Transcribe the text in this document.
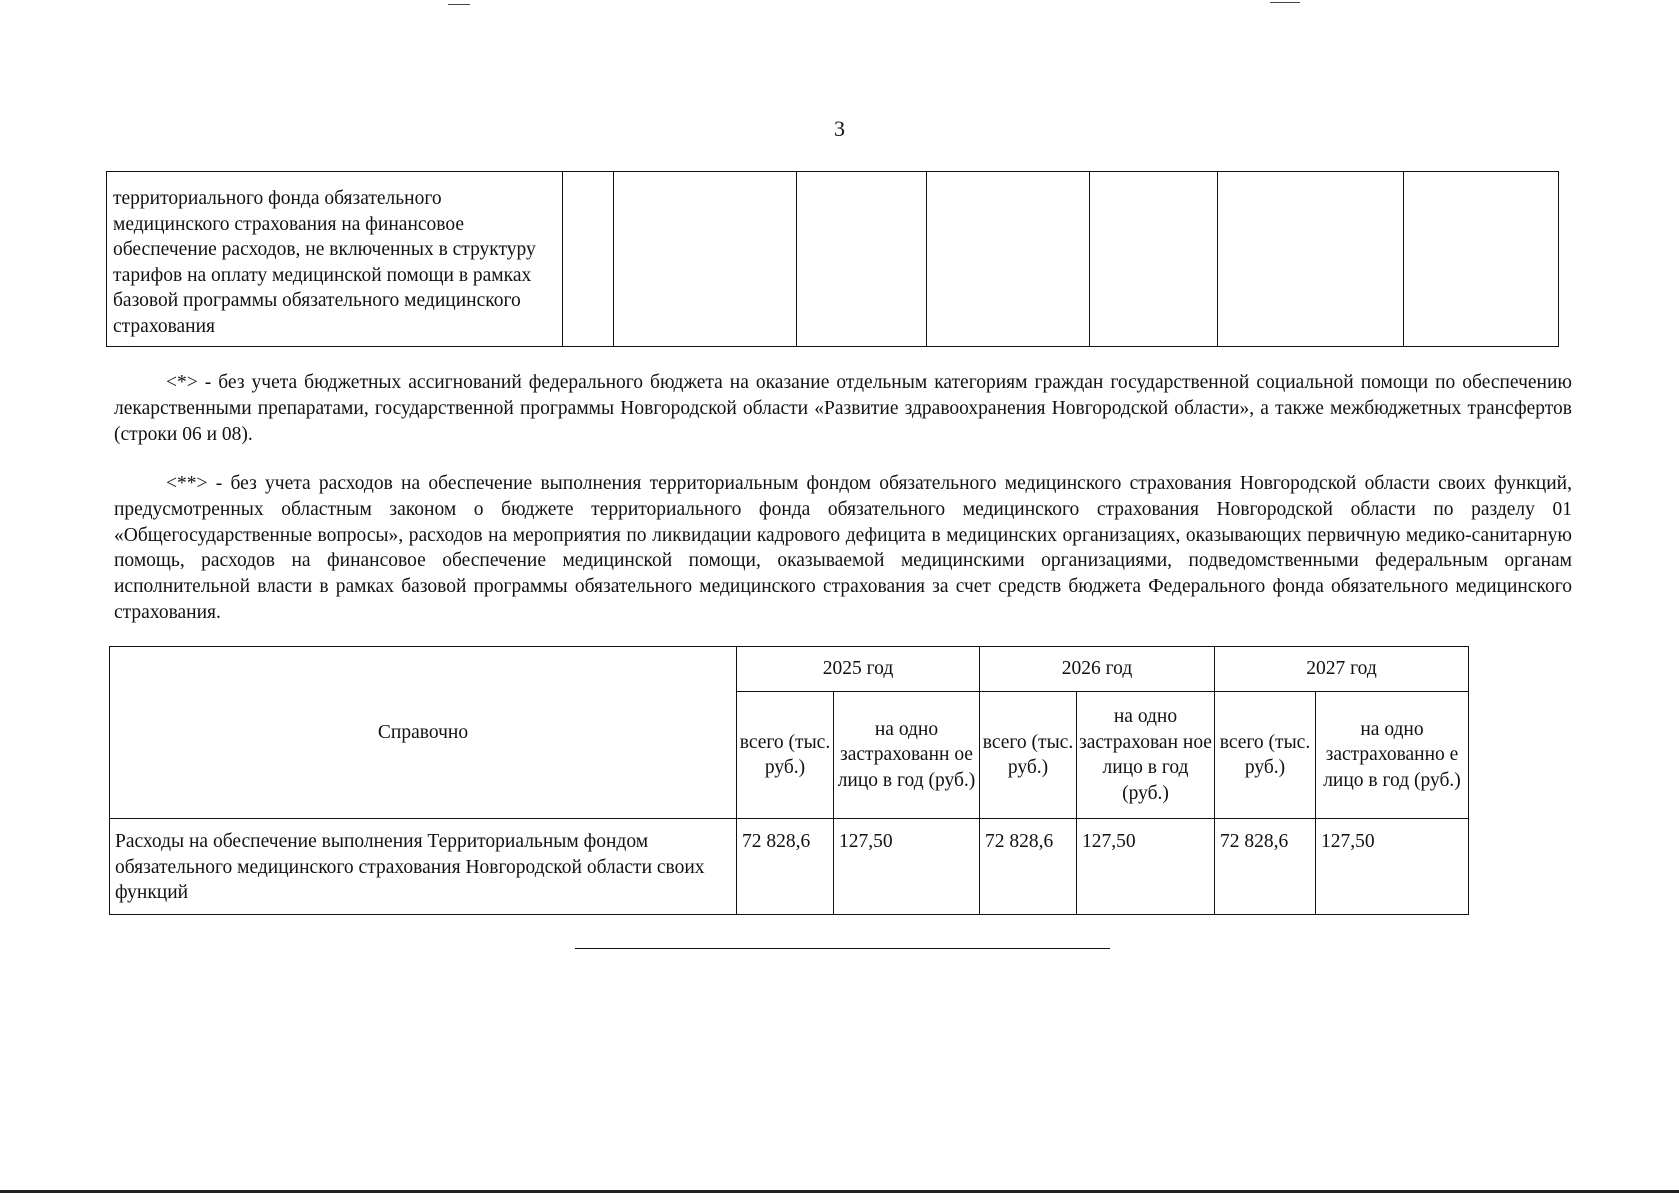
3
территориального фонда обязательного медицинского страхования на финансовое обеспечение расходов, не включенных в структуру тарифов на оплату медицинской помощи в рамках базовой программы обязательного медицинского страхования							

<*> - без учета бюджетных ассигнований федерального бюджета на оказание отдельным категориям граждан государственной социальной помощи по обеспечению лекарственными препаратами, государственной программы Новгородской области «Развитие здравоохранения Новгородской области», а также межбюджетных трансфертов (строки 06 и 08).

<**> - без учета расходов на обеспечение выполнения территориальным фондом обязательного медицинского страхования Новгородской области своих функций, предусмотренных областным законом о бюджете территориального фонда обязательного медицинского страхования Новгородской области по разделу 01 «Общегосударственные вопросы», расходов на мероприятия по ликвидации кадрового дефицита в медицинских организациях, оказывающих первичную медико-санитарную помощь, расходов на финансовое обеспечение медицинской помощи, оказываемой медицинскими организациями, подведомственными федеральным органам исполнительной власти в рамках базовой программы обязательного медицинского страхования за счет средств бюджета Федерального фонда обязательного медицинского страхования.

Справочно	2025 год		2026 год		2027 год	
	всего (тыс. руб.)	на одно застрахованн ое лицо в год (руб.)	всего (тыс. руб.)	на одно застрахован ное лицо в год (руб.)	всего (тыс. руб.)	на одно застрахованно е лицо в год (руб.)
Расходы на обеспечение выполнения Территориальным фондом обязательного медицинского страхования Новгородской области своих функций	72 828,6	127,50	72 828,6	127,50	72 828,6	127,50
